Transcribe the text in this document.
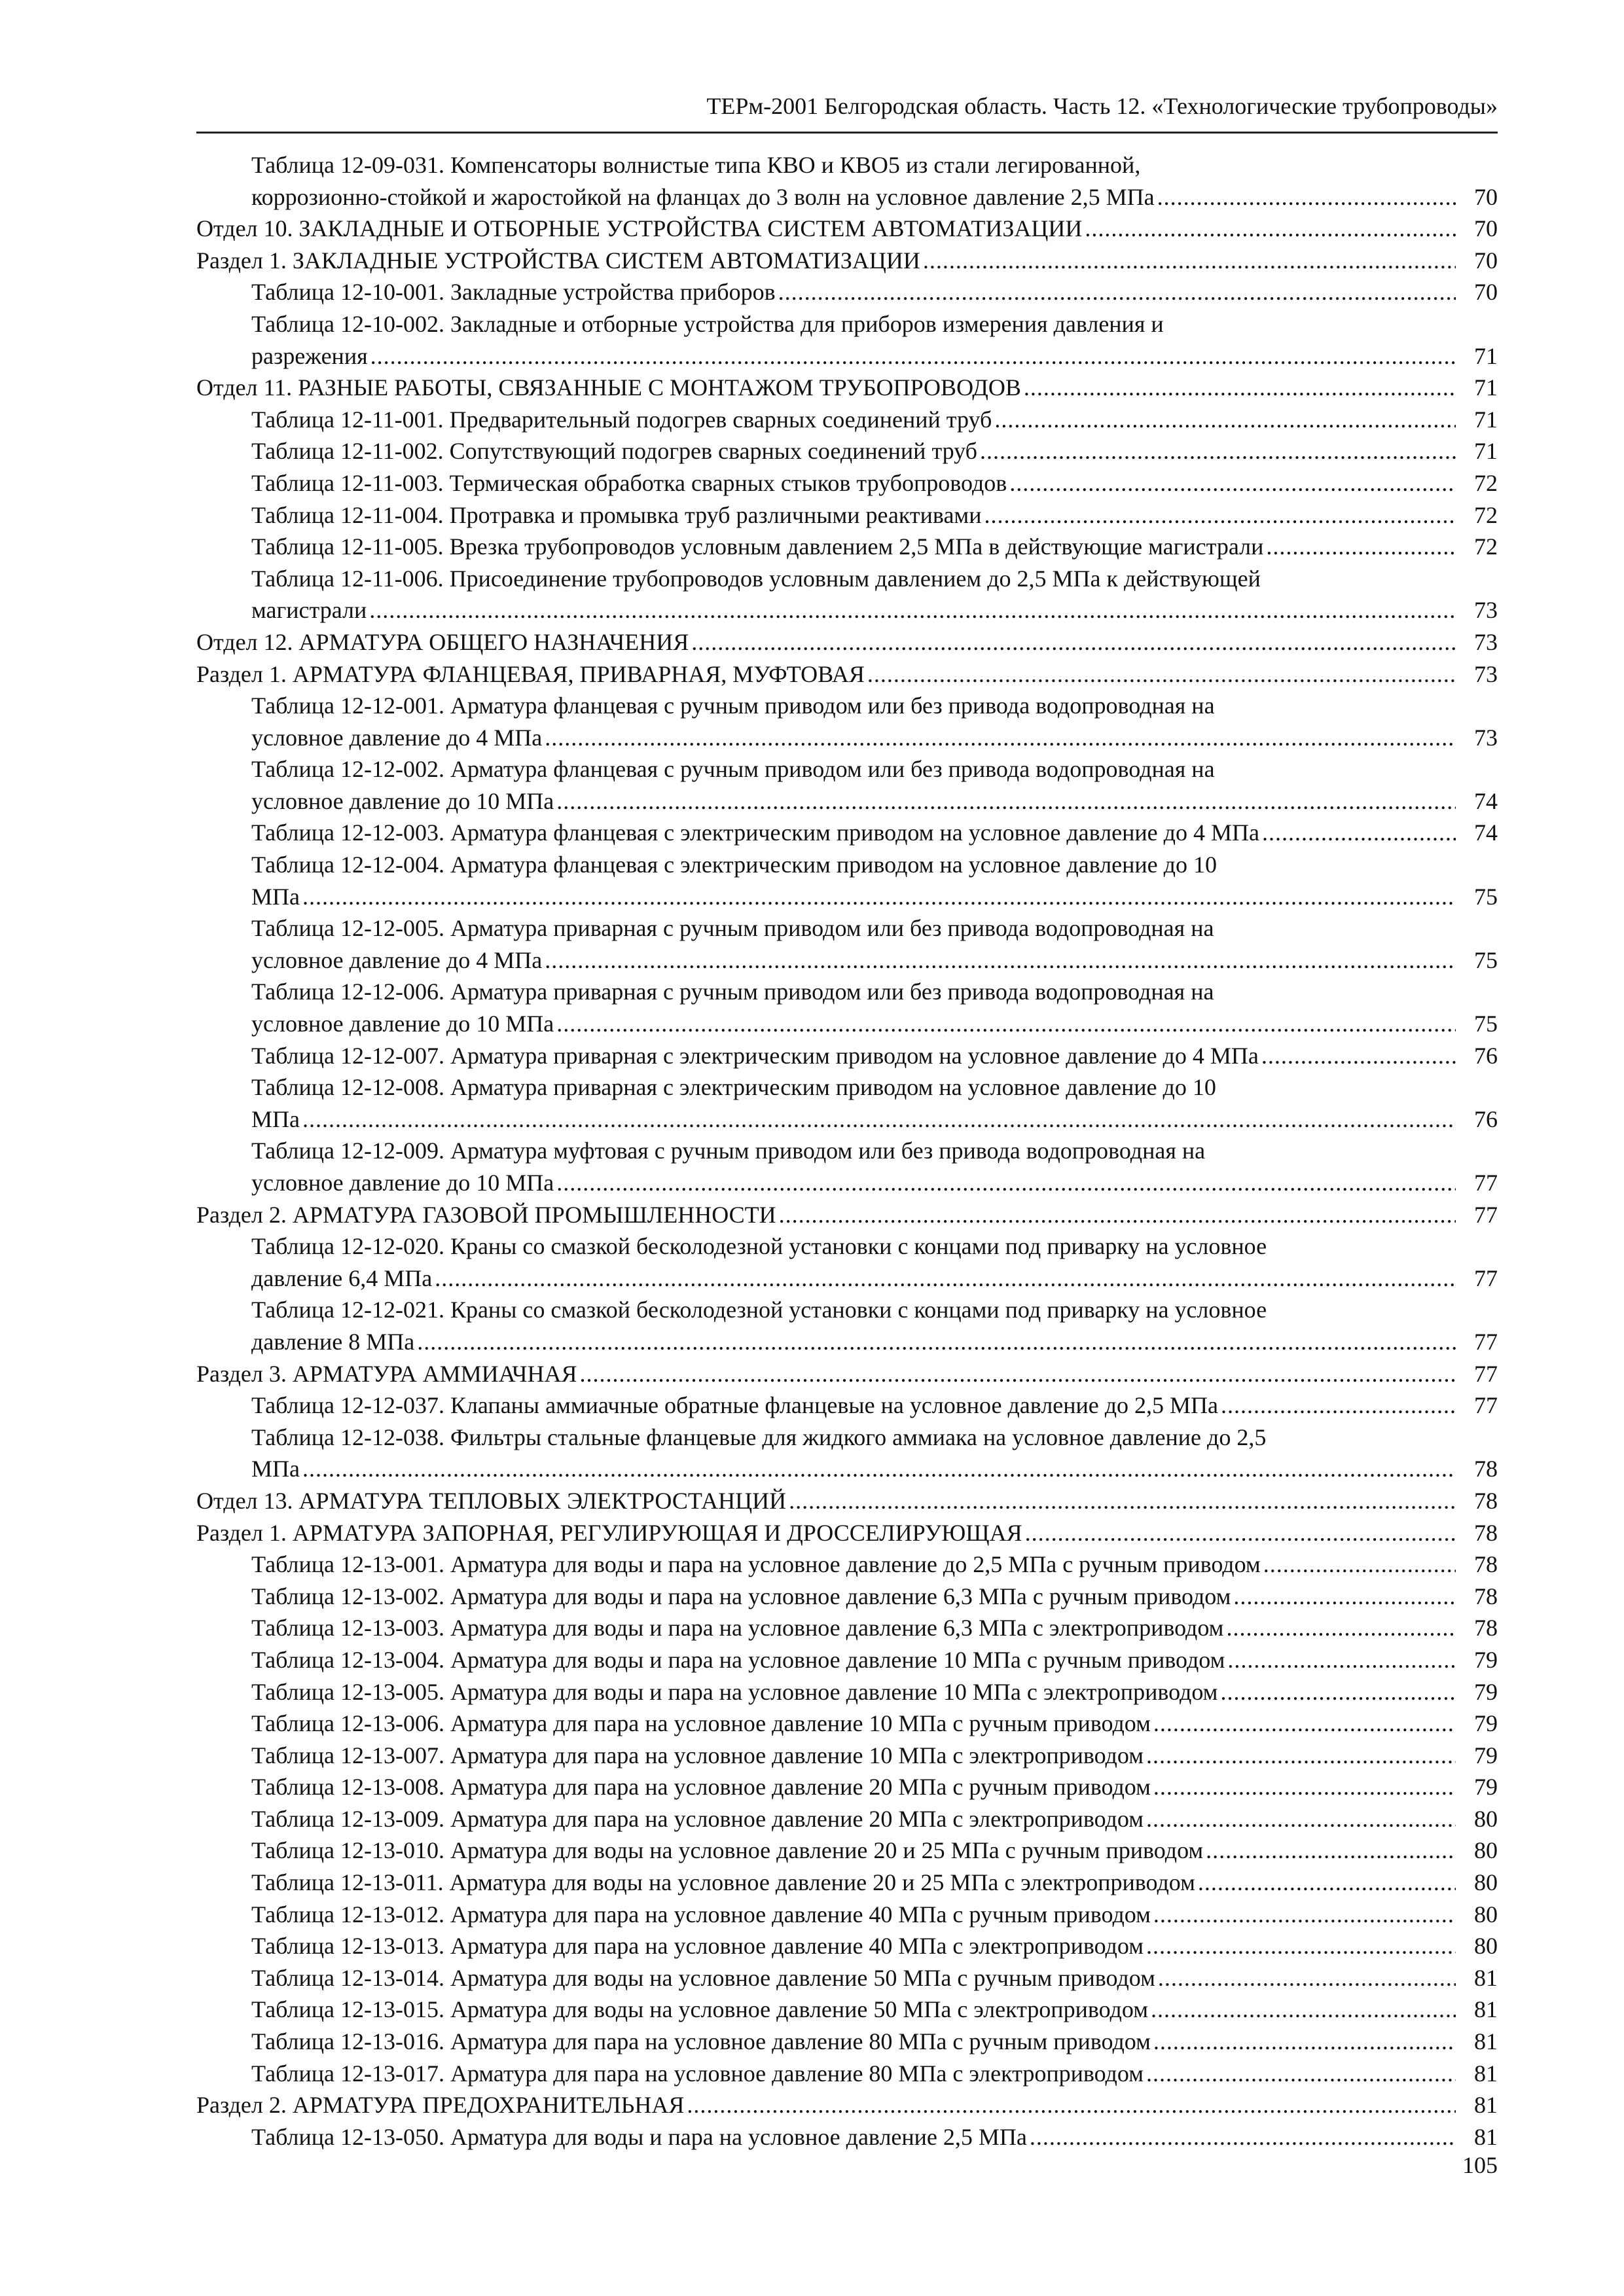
ТЕРм-2001 Белгородская область. Часть 12. «Технологические трубопроводы»
Таблица 12-09-031. Компенсаторы волнистые типа КВО и КВО5 из стали легированной,
коррозионно-стойкой и жаростойкой на фланцах до 3 волн на условное давление 2,5 МПа .....	70
Отдел 10. ЗАКЛАДНЫЕ И ОТБОРНЫЕ УСТРОЙСТВА СИСТЕМ АВТОМАТИЗАЦИИ .....	70
Раздел 1. ЗАКЛАДНЫЕ УСТРОЙСТВА СИСТЕМ АВТОМАТИЗАЦИИ .....	70
Таблица 12-10-001. Закладные устройства приборов .....	70
Таблица 12-10-002. Закладные и отборные устройства для приборов измерения давления и
разрежения .....	71
Отдел 11. РАЗНЫЕ РАБОТЫ, СВЯЗАННЫЕ С МОНТАЖОМ ТРУБОПРОВОДОВ .....	71
Таблица 12-11-001. Предварительный подогрев сварных соединений труб .....	71
Таблица 12-11-002. Сопутствующий подогрев сварных соединений труб .....	71
Таблица 12-11-003. Термическая обработка сварных стыков трубопроводов .....	72
Таблица 12-11-004. Протравка и промывка труб различными реактивами .....	72
Таблица 12-11-005. Врезка трубопроводов условным давлением 2,5 МПа в действующие магистрали .....	72
Таблица 12-11-006. Присоединение трубопроводов условным давлением до 2,5 МПа к действующей
магистрали .....	73
Отдел 12. АРМАТУРА ОБЩЕГО НАЗНАЧЕНИЯ .....	73
Раздел 1. АРМАТУРА ФЛАНЦЕВАЯ, ПРИВАРНАЯ, МУФТОВАЯ .....	73
Таблица 12-12-001. Арматура фланцевая с ручным приводом или без привода водопроводная на
условное давление до 4 МПа .....	73
Таблица 12-12-002. Арматура фланцевая с ручным приводом или без привода водопроводная на
условное давление до 10 МПа .....	74
Таблица 12-12-003. Арматура фланцевая с электрическим приводом на условное давление до 4 МПа .....	74
Таблица 12-12-004. Арматура фланцевая с электрическим приводом на условное давление до 10
МПа .....	75
Таблица 12-12-005. Арматура приварная с ручным приводом или без привода водопроводная на
условное давление до 4 МПа .....	75
Таблица 12-12-006. Арматура приварная с ручным приводом или без привода водопроводная на
условное давление до 10 МПа .....	75
Таблица 12-12-007. Арматура приварная с электрическим приводом на условное давление до 4 МПа .....	76
Таблица 12-12-008. Арматура приварная с электрическим приводом на условное давление до 10
МПа .....	76
Таблица 12-12-009. Арматура муфтовая с ручным приводом или без привода водопроводная на
условное давление до 10 МПа .....	77
Раздел 2. АРМАТУРА ГАЗОВОЙ ПРОМЫШЛЕННОСТИ .....	77
Таблица 12-12-020. Краны со смазкой бесколодезной установки с концами под приварку на условное
давление 6,4 МПа .....	77
Таблица 12-12-021. Краны со смазкой бесколодезной установки с концами под приварку на условное
давление 8 МПа .....	77
Раздел 3. АРМАТУРА АММИАЧНАЯ .....	77
Таблица 12-12-037. Клапаны аммиачные обратные фланцевые на условное давление до 2,5 МПа .....	77
Таблица 12-12-038. Фильтры стальные фланцевые для жидкого аммиака на условное давление до 2,5
МПа .....	78
Отдел 13. АРМАТУРА ТЕПЛОВЫХ ЭЛЕКТРОСТАНЦИЙ .....	78
Раздел 1. АРМАТУРА ЗАПОРНАЯ, РЕГУЛИРУЮЩАЯ И ДРОССЕЛИРУЮЩАЯ .....	78
Таблица 12-13-001. Арматура для воды и пара на условное давление до 2,5 МПа с ручным приводом .....	78
Таблица 12-13-002. Арматура для воды и пара на условное давление 6,3 МПа с ручным приводом .....	78
Таблица 12-13-003. Арматура для воды и пара на условное давление 6,3 МПа с электроприводом .....	78
Таблица 12-13-004. Арматура для воды и пара на условное давление 10 МПа с ручным приводом .....	79
Таблица 12-13-005. Арматура для воды и пара на условное давление 10 МПа с электроприводом .....	79
Таблица 12-13-006. Арматура для пара на условное давление 10 МПа с ручным приводом .....	79
Таблица 12-13-007. Арматура для пара на условное давление 10 МПа с электроприводом .....	79
Таблица 12-13-008. Арматура для пара на условное давление 20 МПа с ручным приводом .....	79
Таблица 12-13-009. Арматура для пара на условное давление 20 МПа с электроприводом .....	80
Таблица 12-13-010. Арматура для воды на условное давление 20 и 25 МПа с ручным приводом .....	80
Таблица 12-13-011. Арматура для воды на условное давление 20 и 25 МПа с электроприводом .....	80
Таблица 12-13-012. Арматура для пара на условное давление 40 МПа с ручным приводом .....	80
Таблица 12-13-013. Арматура для пара на условное давление 40 МПа с электроприводом .....	80
Таблица 12-13-014. Арматура для воды на условное давление 50 МПа с ручным приводом .....	81
Таблица 12-13-015. Арматура для воды на условное давление 50 МПа с электроприводом .....	81
Таблица 12-13-016. Арматура для пара на условное давление 80 МПа с ручным приводом .....	81
Таблица 12-13-017. Арматура для пара на условное давление 80 МПа с электроприводом .....	81
Раздел 2. АРМАТУРА ПРЕДОХРАНИТЕЛЬНАЯ .....	81
Таблица 12-13-050. Арматура для воды и пара на условное давление 2,5 МПа .....	81
105
